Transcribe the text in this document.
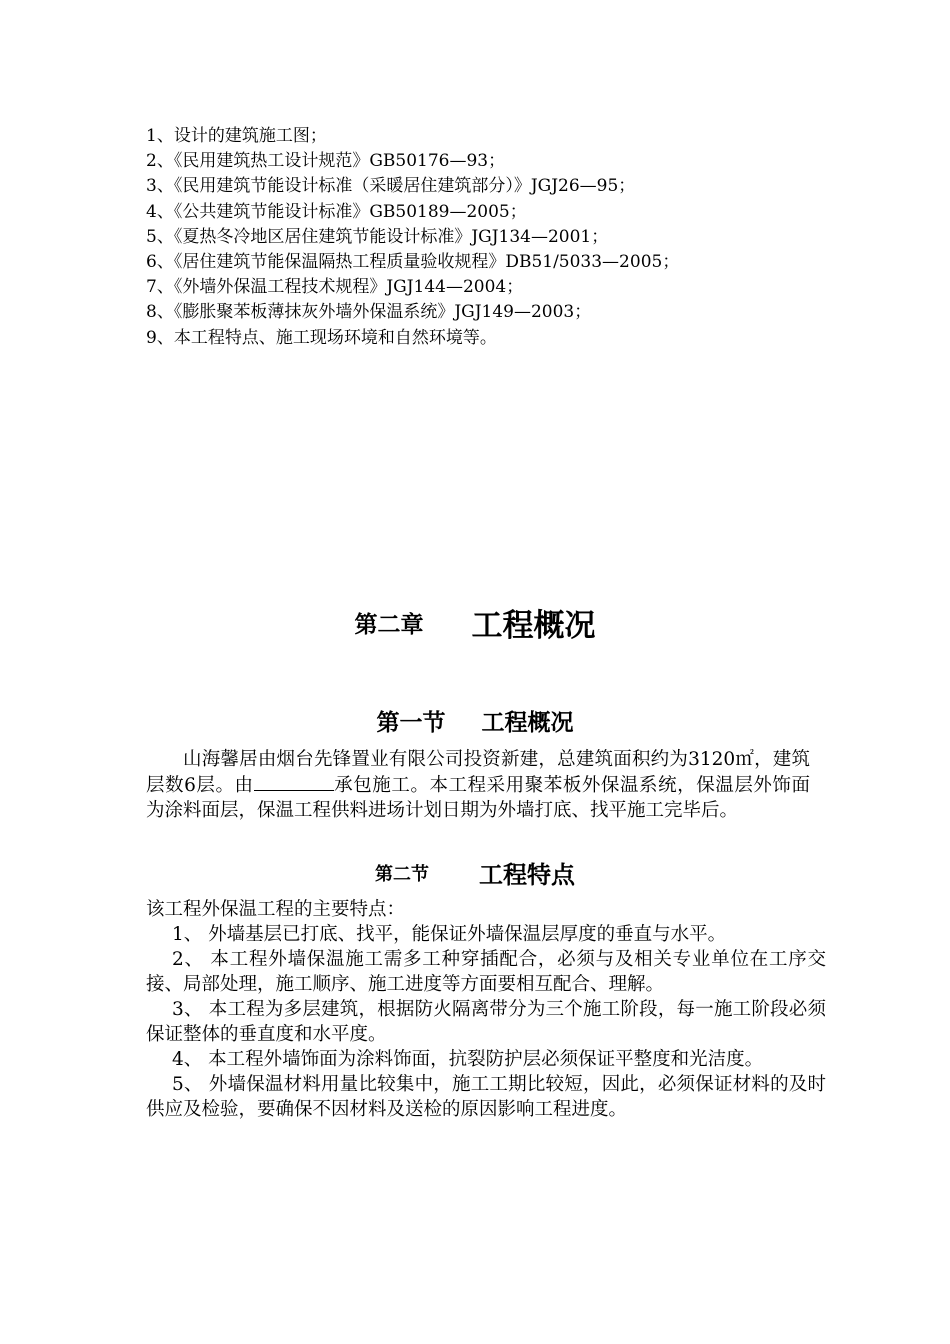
1、设计的建筑施工图；
2、《民用建筑热工设计规范》GB50176—93；
3、《民用建筑节能设计标准（采暖居住建筑部分）》JGJ26—95；
4、《公共建筑节能设计标准》GB50189—2005；
5、《夏热冬冷地区居住建筑节能设计标准》JGJ134—2001；
6、《居住建筑节能保温隔热工程质量验收规程》DB51/5033—2005；
7、《外墙外保温工程技术规程》JGJ144—2004；
8、《膨胀聚苯板薄抹灰外墙外保温系统》JGJ149—2003；
9、本工程特点、施工现场环境和自然环境等。
第二章 工程概况
第一节 工程概况

山海馨居由烟台先锋置业有限公司投资新建，总建筑面积约为3120㎡，建筑层数6层。由	承包施工。本工程采用聚苯板外保温系统，保温层外饰面为涂料面层，保温工程供料进场计划日期为外墙打底、找平施工完毕后。

第二节 工程特点

该工程外保温工程的主要特点：

1、 外墙基层已打底、找平，能保证外墙保温层厚度的垂直与水平。
2、 本工程外墙保温施工需多工种穿插配合，必须与及相关专业单位在工序交接、局部处理，施工顺序、施工进度等方面要相互配合、理解。
3、 本工程为多层建筑，根据防火隔离带分为三个施工阶段，每一施工阶段必须保证整体的垂直度和水平度。
4、 本工程外墙饰面为涂料饰面，抗裂防护层必须保证平整度和光洁度。
5、 外墙保温材料用量比较集中，施工工期比较短，因此，必须保证材料的及时供应及检验，要确保不因材料及送检的原因影响工程进度。
